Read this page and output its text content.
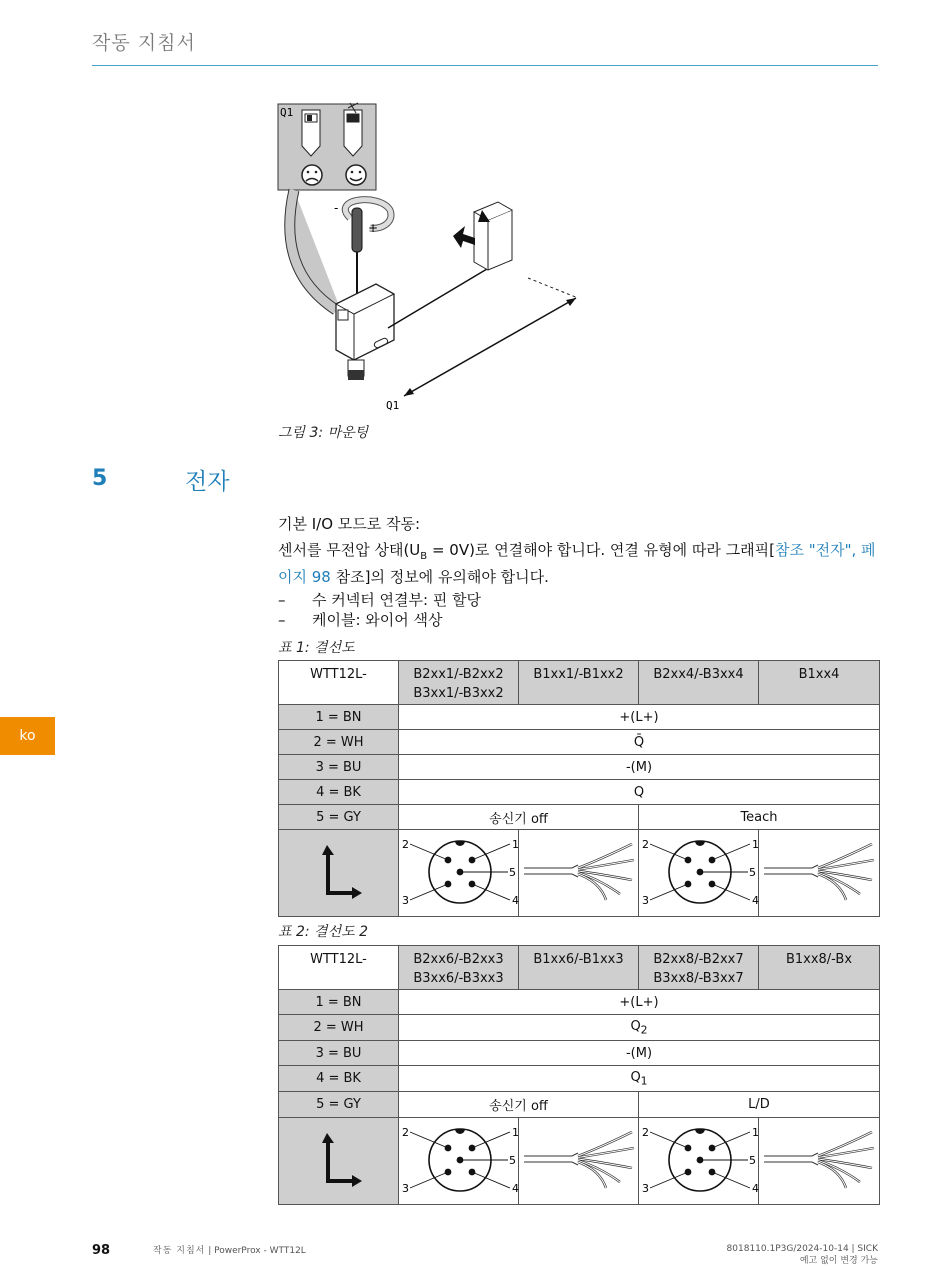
작동 지침서
Q1
-
+
Q1
그림 3: 마운팅
5	전자
기본 I/O 모드로 작동:
센서를 무전압 상태$(U_B = 0V)$로 연결해야 합니다. 연결 유형에 따라 그래픽[참조 "전자", 페이지 98 참조]의 정보에 유의해야 합니다.
–	수 커넥터 연결부: 핀 할당
–	케이블: 와이어 색상
ko
표 1: 결선도
WTT12L-	B2xx1/-B2xx2
B3xx1/-B3xx2	B1xx1/-B1xx2	B2xx4/-B3xx4	B1xx4
1 = BN	+(L+)			
2 = WH	Q̄			
3 = BU	-(M)			
4 = BK	Q			
5 = GY	송신기 off		Teach	

1
2
3 4
5		1
2
3 4
5

표 2: 결선도 2
WTT12L-	B2xx6/-B2xx3
B3xx6/-B3xx3	B1xx6/-B1xx3	B2xx8/-B2xx7
B3xx8/-B3xx7	B1xx8/-Bx
1 = BN	+(L+)			
2 = WH	$Q_2$
3 = BU	-(M)			
4 = BK	$Q_1$
5 = GY	송신기 off		L/D	

1
2
3 4
5		1
2
3 4
5

98	작동 지침서 | PowerProx - WTT12L	8018110.1P3G/2024-10-14 | SICK
예고 없이 변경 가능
